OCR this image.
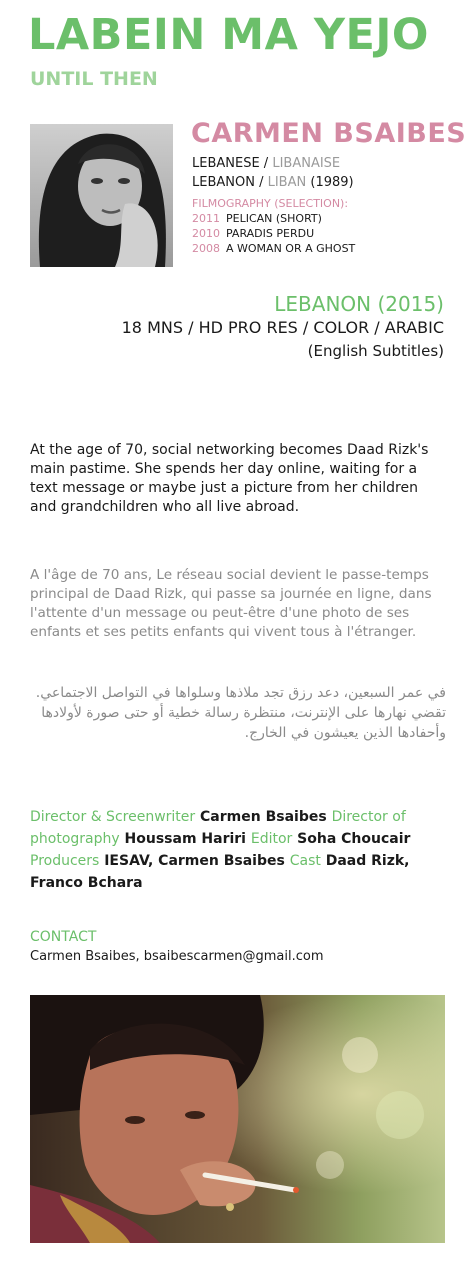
LABEIN MA YEJO
UNTIL THEN
CARMEN BSAIBES
LEBANESE / LIBANAISE
LEBANON / LIBAN (1989)
FILMOGRAPHY (SELECTION):
2011 PELICAN (SHORT)
2010 PARADIS PERDU
2008 A WOMAN OR A GHOST
LEBANON (2015)
18 MNS / HD PRO RES / COLOR / ARABIC
(English Subtitles)
At the age of 70, social networking becomes Daad Rizk's main pastime. She spends her day online, waiting for a text message or maybe just a picture from her children and grandchildren who all live abroad.
A l'âge de 70 ans, Le réseau social devient le passe-temps principal de Daad Rizk, qui passe sa journée en ligne, dans l'attente d'un message ou peut-être d'une photo de ses enfants et ses petits enfants qui vivent tous à l'étranger.
في عمر السبعين، دعد رزق تجد ملاذها وسلواها في التواصل الاجتماعي. تقضي نهارها على الإنترنت، منتظرة رسالة خطية أو حتى صورة لأولادها وأحفادها الذين يعيشون في الخارج.
Director & Screenwriter Carmen Bsaibes Director of photography Houssam Hariri Editor Soha Choucair Producers IESAV, Carmen Bsaibes Cast Daad Rizk, Franco Bchara
CONTACT
Carmen Bsaibes, bsaibescarmen@gmail.com
